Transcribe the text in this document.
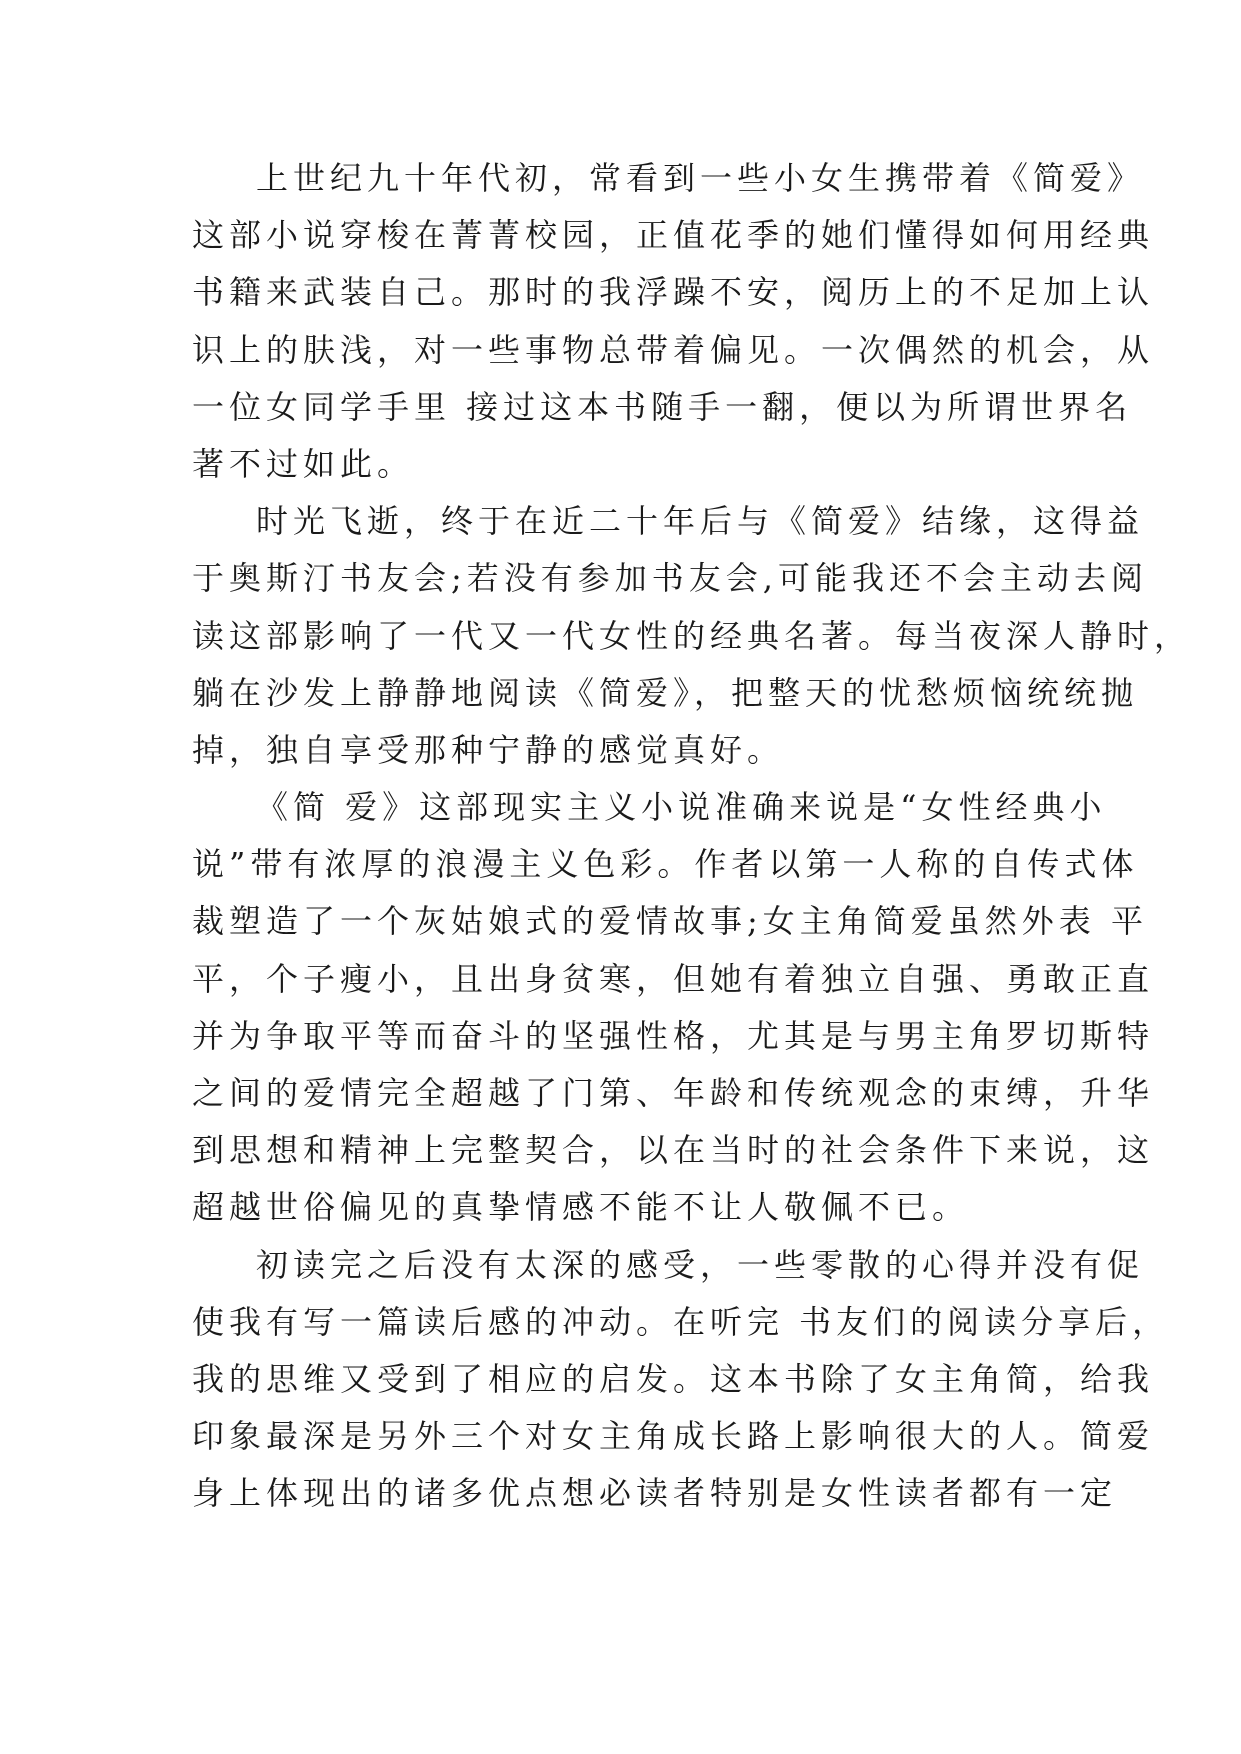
上世纪九十年代初，常看到一些小女生携带着《简爱》
这部小说穿梭在菁菁校园，正值花季的她们懂得如何用经典
书籍来武装自己。那时的我浮躁不安，阅历上的不足加上认
识上的肤浅，对一些事物总带着偏见。一次偶然的机会，从
一位女同学手里 接过这本书随手一翻，便以为所谓世界名
著不过如此。
时光飞逝，终于在近二十年后与《简爱》结缘，这得益
于奥斯汀书友会;若没有参加书友会,可能我还不会主动去阅
读这部影响了一代又一代女性的经典名著。每当夜深人静时，
躺在沙发上静静地阅读《简爱》，把整天的忧愁烦恼统统抛
掉，独自享受那种宁静的感觉真好。
《简 爱》这部现实主义小说准确来说是“女性经典小
说”带有浓厚的浪漫主义色彩。作者以第一人称的自传式体
裁塑造了一个灰姑娘式的爱情故事;女主角简爱虽然外表 平
平，个子瘦小，且出身贫寒，但她有着独立自强、勇敢正直
并为争取平等而奋斗的坚强性格，尤其是与男主角罗切斯特
之间的爱情完全超越了门第、年龄和传统观念的束缚，升华
到思想和精神上完整契合，以在当时的社会条件下来说，这
超越世俗偏见的真挚情感不能不让人敬佩不已。
初读完之后没有太深的感受，一些零散的心得并没有促
使我有写一篇读后感的冲动。在听完 书友们的阅读分享后，
我的思维又受到了相应的启发。这本书除了女主角简，给我
印象最深是另外三个对女主角成长路上影响很大的人。简爱
身上体现出的诸多优点想必读者特别是女性读者都有一定
